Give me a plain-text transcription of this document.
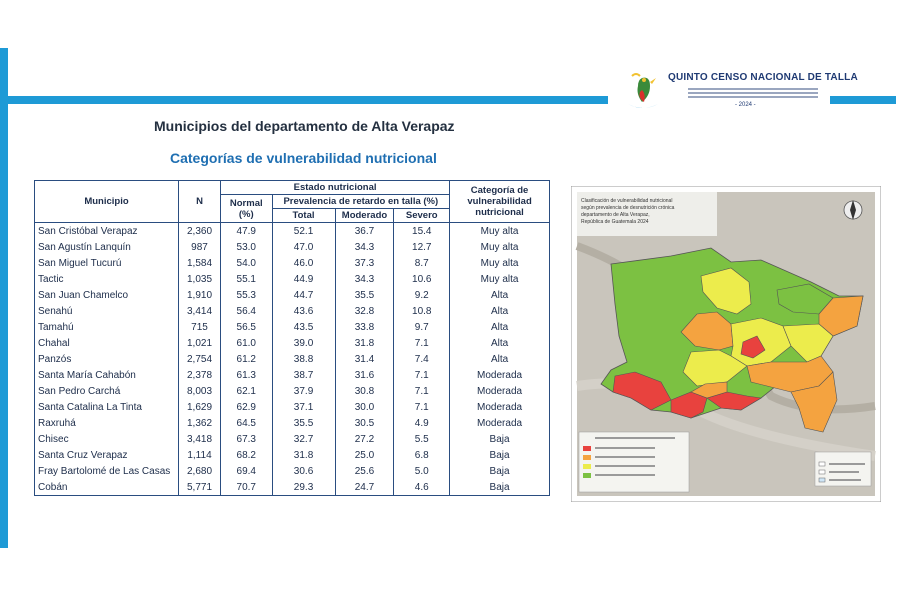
QUINTO CENSO NACIONAL DE TALLA
- 2024 -
Municipios del departamento de Alta Verapaz
Categorías de vulnerabilidad nutricional
Municipio	N	Estado nutricional				Categoría de vulnerabilidad nutricional
		Normal (%)	Prevalencia de retardo en talla (%)			
			Total	Moderado	Severo	
San Cristóbal Verapaz	2,360	47.9	52.1	36.7	15.4	Muy alta
San Agustín Lanquín	987	53.0	47.0	34.3	12.7	Muy alta
San Miguel Tucurú	1,584	54.0	46.0	37.3	8.7	Muy alta
Tactic	1,035	55.1	44.9	34.3	10.6	Muy alta
San Juan Chamelco	1,910	55.3	44.7	35.5	9.2	Alta
Senahú	3,414	56.4	43.6	32.8	10.8	Alta
Tamahú	715	56.5	43.5	33.8	9.7	Alta
Chahal	1,021	61.0	39.0	31.8	7.1	Alta
Panzós	2,754	61.2	38.8	31.4	7.4	Alta
Santa María Cahabón	2,378	61.3	38.7	31.6	7.1	Moderada
San Pedro Carchá	8,003	62.1	37.9	30.8	7.1	Moderada
Santa Catalina La Tinta	1,629	62.9	37.1	30.0	7.1	Moderada
Raxruhá	1,362	64.5	35.5	30.5	4.9	Moderada
Chisec	3,418	67.3	32.7	27.2	5.5	Baja
Santa Cruz Verapaz	1,114	68.2	31.8	25.0	6.8	Baja
Fray Bartolomé de Las Casas	2,680	69.4	30.6	25.6	5.0	Baja
Cobán	5,771	70.7	29.3	24.7	4.6	Baja
Clasificación de vulnerabilidad nutricional
según prevalencia de desnutrición crónica
departamento de Alta Verapaz,
República de Guatemala 2024
